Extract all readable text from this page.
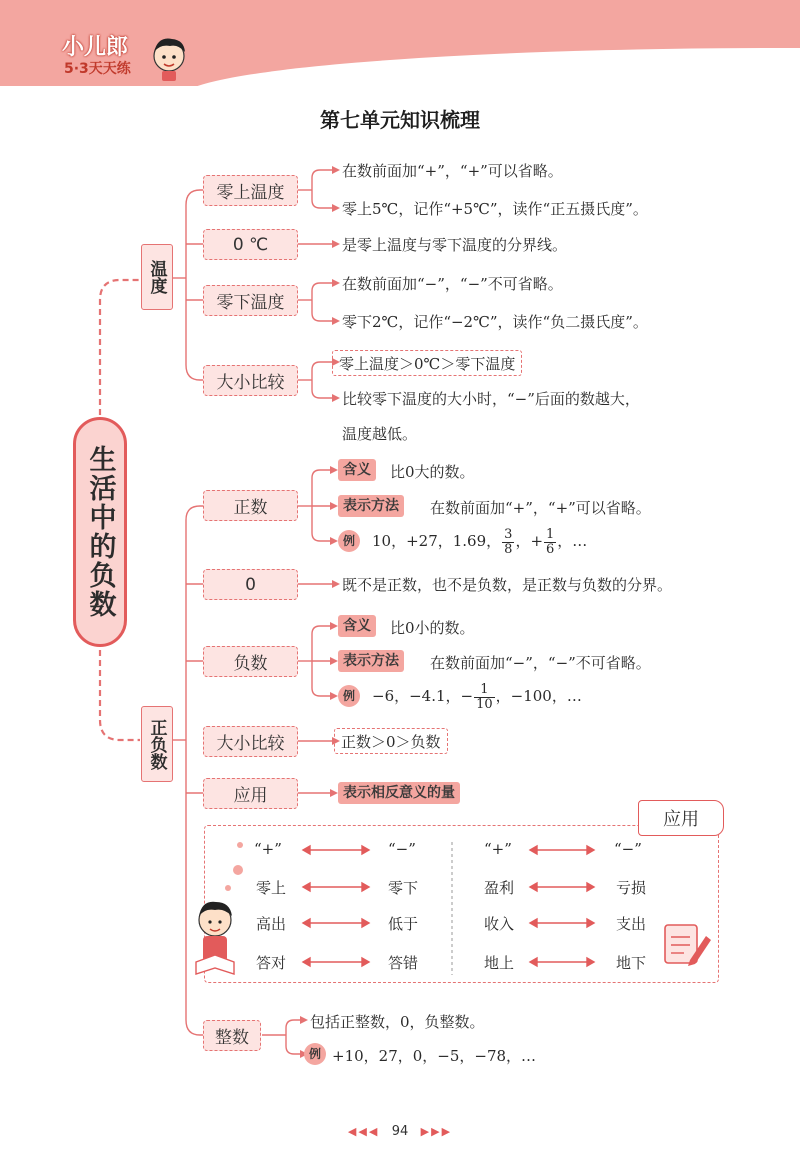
小儿郎
5·3天天练
第七单元知识梳理
生活中的负数
温度
正负数
零上温度
在数前面加“+”，“+”可以省略。
零上5℃，记作“+5℃”，读作“正五摄氏度”。
0 ℃	是零上温度与零下温度的分界线。
零下温度
在数前面加“−”，“−”不可省略。
零下2℃，记作“−2℃”，读作“负二摄氏度”。
大小比较
零上温度＞0℃＞零下温度
比较零下温度的大小时，“−”后面的数越大，
温度越低。
正数
含义	比0大的数。
表示方法	在数前面加“+”，“+”可以省略。
例	10，+27，1.69， $\frac{3}{8}$ ，+ $\frac{1}{6}$ ，…
0	既不是正数，也不是负数，是正数与负数的分界。
负数
含义	比0小的数。
表示方法	在数前面加“−”，“−”不可省略。
例	−6，−4.1，− $\frac{1}{10}$ ，−100，…
大小比较	正数＞0＞负数
应用	表示相反意义的量
应用
“+”	“−”
零上	零下
高出	低于
答对	答错
“+”	“−”
盈利	亏损
收入	支出
地上	地下
整数
包括正整数，0，负整数。
例 +10，27，0，−5，−78，…
◀◀◀ 94 ▶▶▶
